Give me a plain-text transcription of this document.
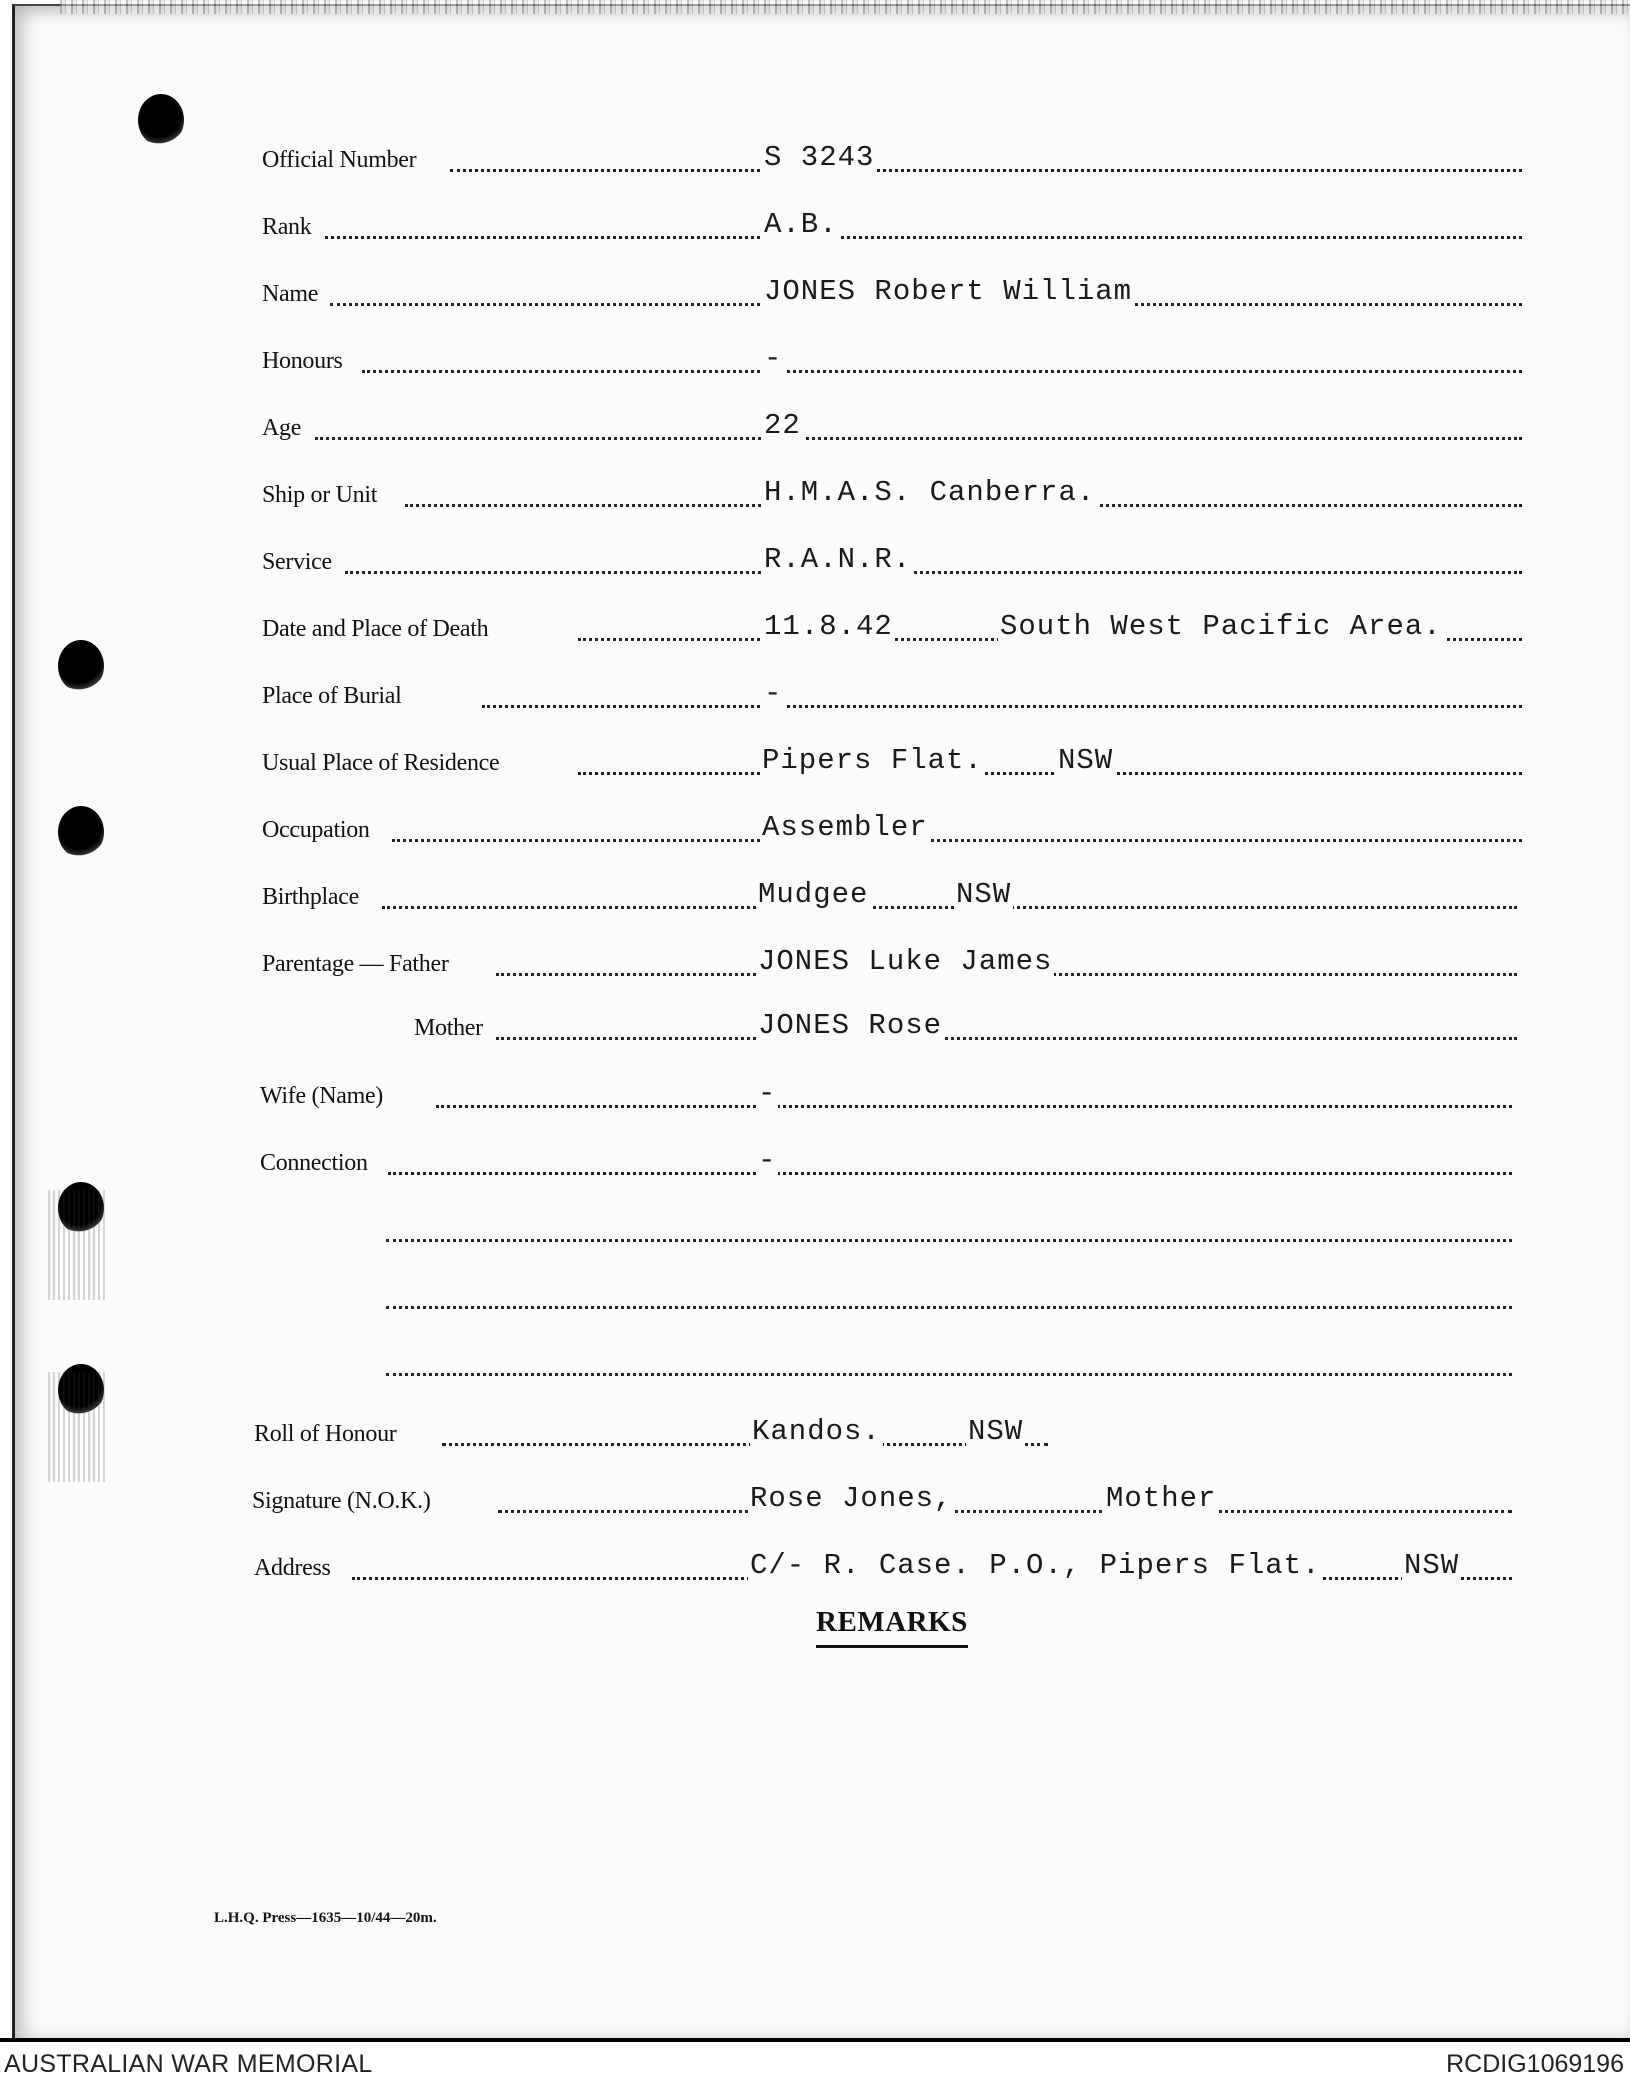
Official Number	S 3243
Rank	A.B.
Name	JONES Robert William
Honours	-
Age	22
Ship or Unit	H.M.A.S. Canberra.
Service	R.A.N.R.
Date and Place of Death	11.8.42	South West Pacific Area.
Place of Burial	-
Usual Place of Residence	Pipers Flat.	NSW
Occupation	Assembler
Birthplace	Mudgee	NSW
Parentage — Father	JONES Luke James
Mother	JONES Rose
Wife (Name)	-
Connection	-
Roll of Honour	Kandos.	NSW
Signature (N.O.K.)	Rose Jones,	Mother
Address	C/- R. Case. P.O., Pipers Flat.	NSW
REMARKS
L.H.Q. Press—1635—10/44—20m.
AUSTRALIAN WAR MEMORIAL	RCDIG1069196
